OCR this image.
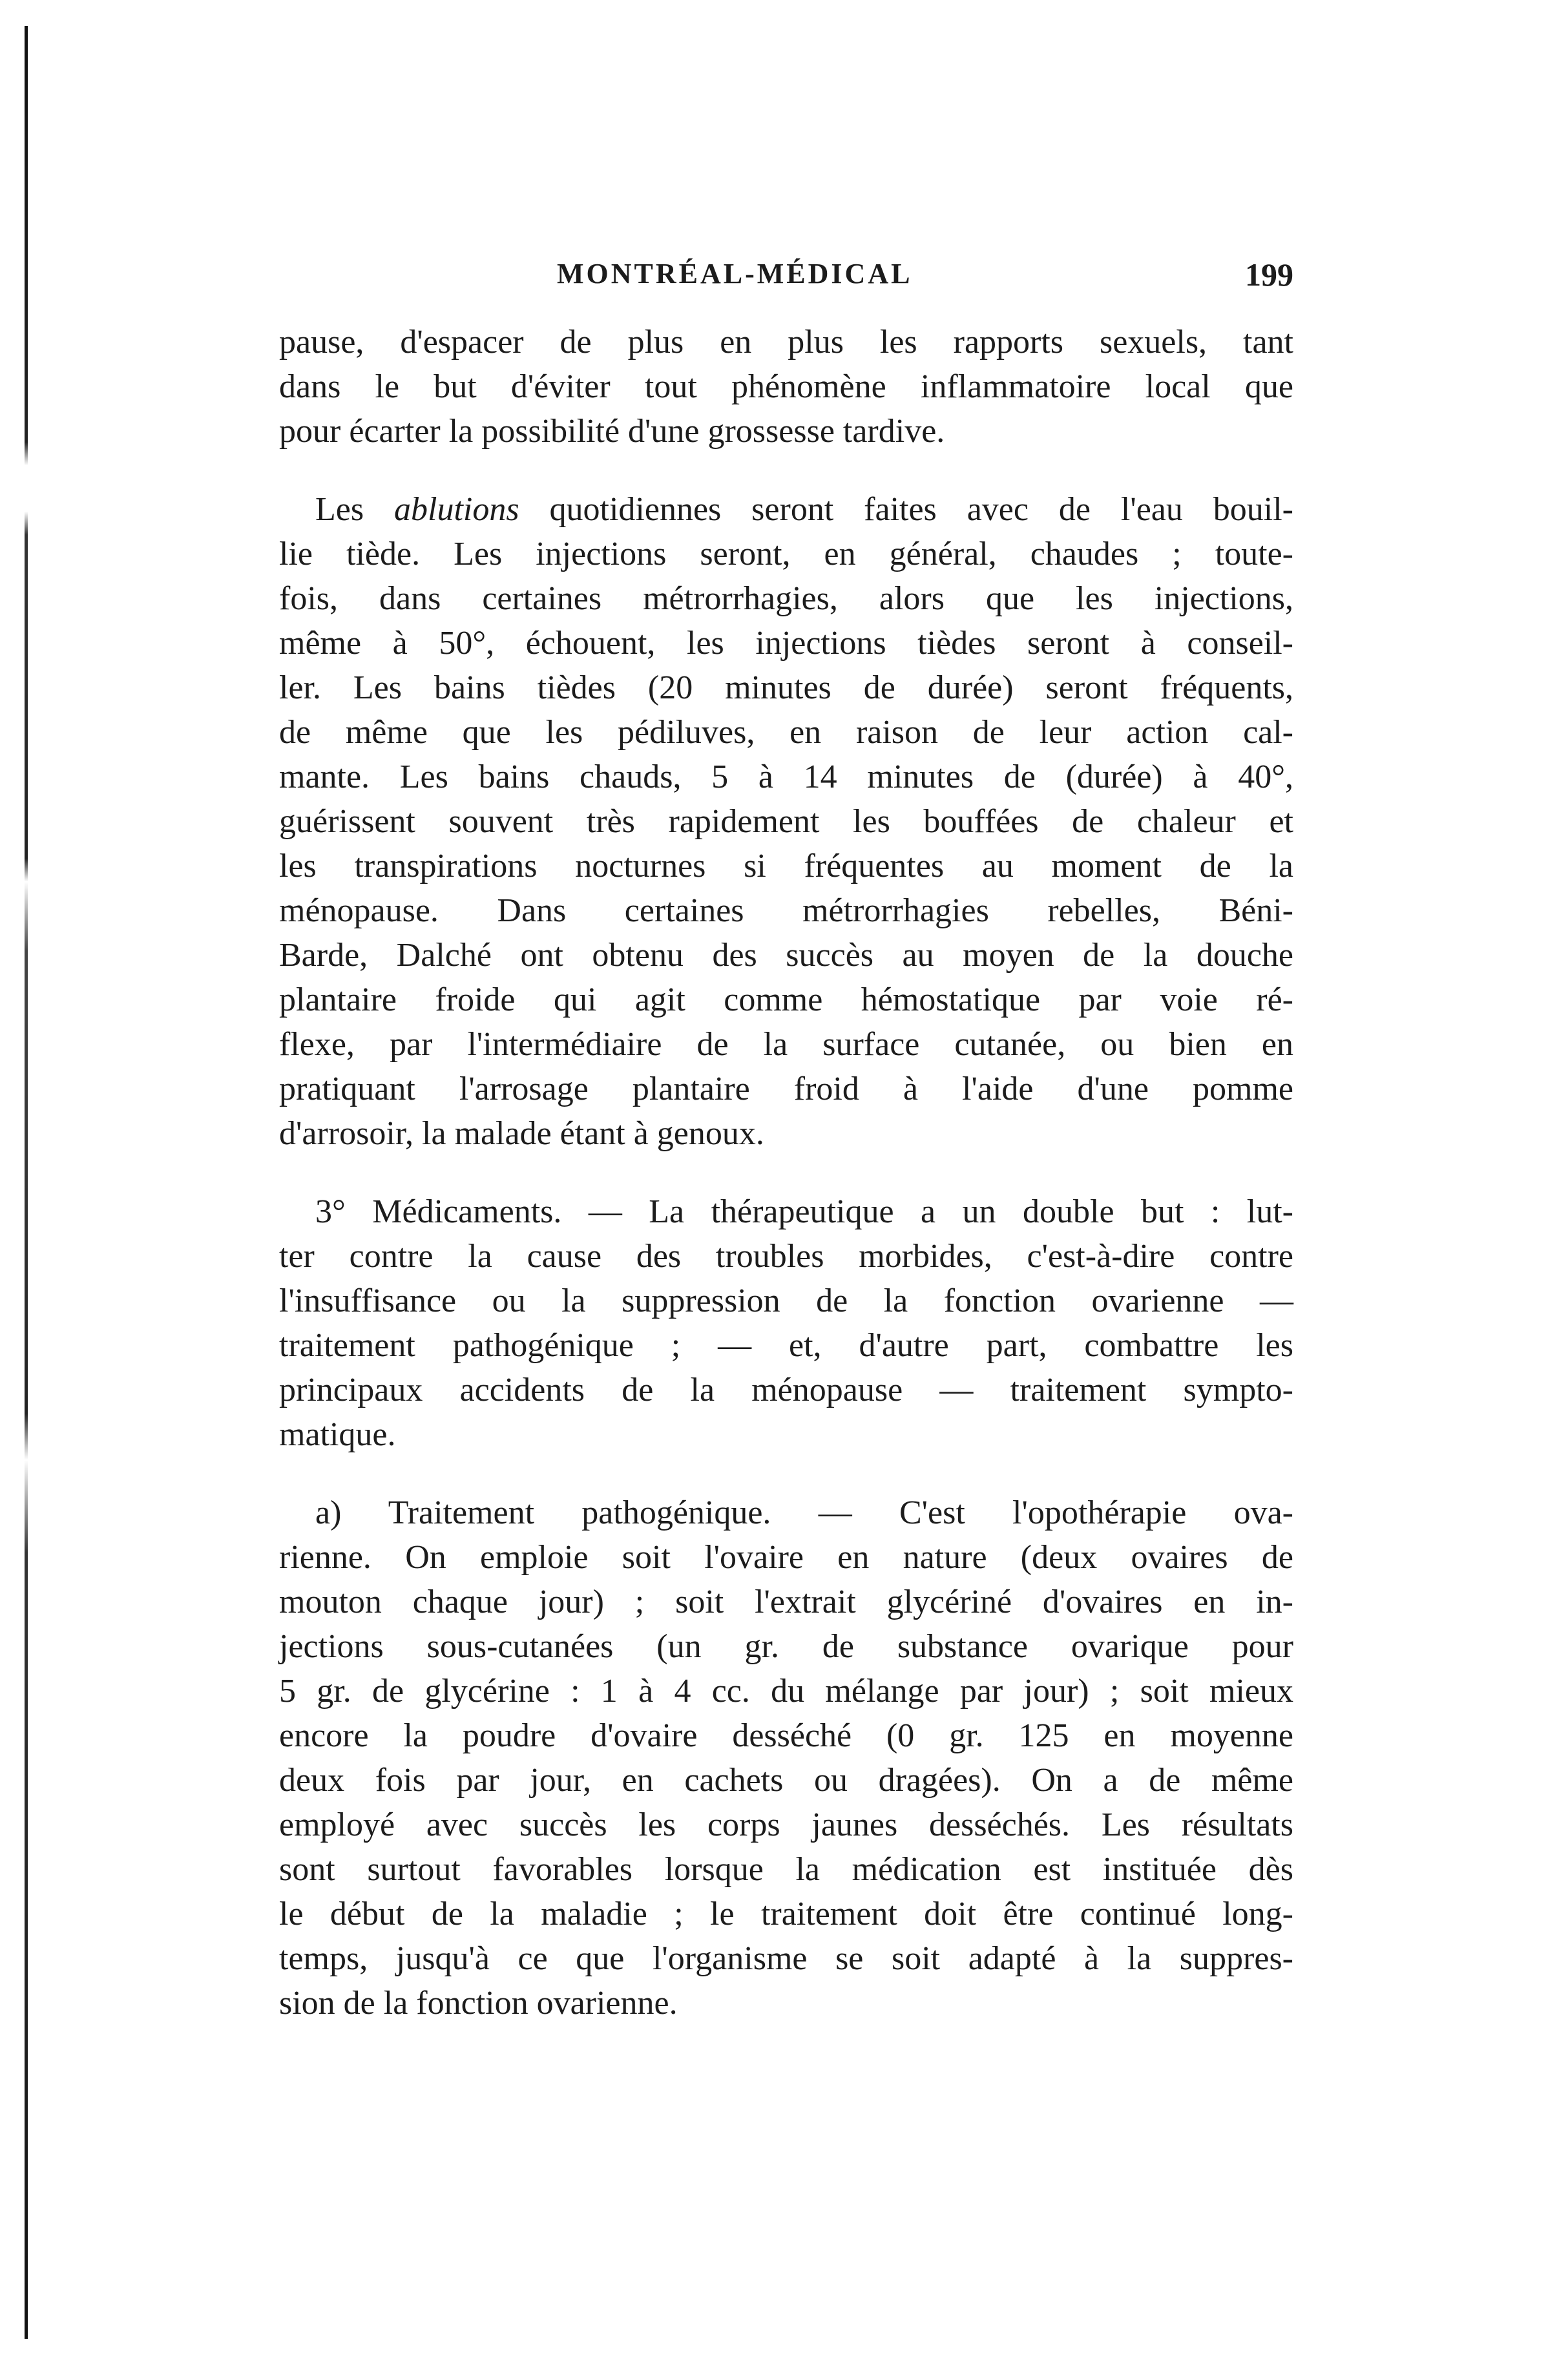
MONTRÉAL-MÉDICAL	199
pause, d'espacer de plus en plus les rapports sexuels, tant
dans le but d'éviter tout phénomène inflammatoire local que
pour écarter la possibilité d'une grossesse tardive.
Les ablutions quotidiennes seront faites avec de l'eau bouil-
lie tiède. Les injections seront, en général, chaudes ; toute-
fois, dans certaines métrorrhagies, alors que les injections,
même à 50°, échouent, les injections tièdes seront à conseil-
ler. Les bains tièdes (20 minutes de durée) seront fréquents,
de même que les pédiluves, en raison de leur action cal-
mante. Les bains chauds, 5 à 14 minutes de (durée) à 40°,
guérissent souvent très rapidement les bouffées de chaleur et
les transpirations nocturnes si fréquentes au moment de la
ménopause. Dans certaines métrorrhagies rebelles, Béni-
Barde, Dalché ont obtenu des succès au moyen de la douche
plantaire froide qui agit comme hémostatique par voie ré-
flexe, par l'intermédiaire de la surface cutanée, ou bien en
pratiquant l'arrosage plantaire froid à l'aide d'une pomme
d'arrosoir, la malade étant à genoux.
3° Médicaments. — La thérapeutique a un double but : lut-
ter contre la cause des troubles morbides, c'est-à-dire contre
l'insuffisance ou la suppression de la fonction ovarienne —
traitement pathogénique ; — et, d'autre part, combattre les
principaux accidents de la ménopause — traitement sympto-
matique.
a) Traitement pathogénique. — C'est l'opothérapie ova-
rienne. On emploie soit l'ovaire en nature (deux ovaires de
mouton chaque jour) ; soit l'extrait glycériné d'ovaires en in-
jections sous-cutanées (un gr. de substance ovarique pour
5 gr. de glycérine : 1 à 4 cc. du mélange par jour) ; soit mieux
encore la poudre d'ovaire desséché (0 gr. 125 en moyenne
deux fois par jour, en cachets ou dragées). On a de même
employé avec succès les corps jaunes desséchés. Les résultats
sont surtout favorables lorsque la médication est instituée dès
le début de la maladie ; le traitement doit être continué long-
temps, jusqu'à ce que l'organisme se soit adapté à la suppres-
sion de la fonction ovarienne.
